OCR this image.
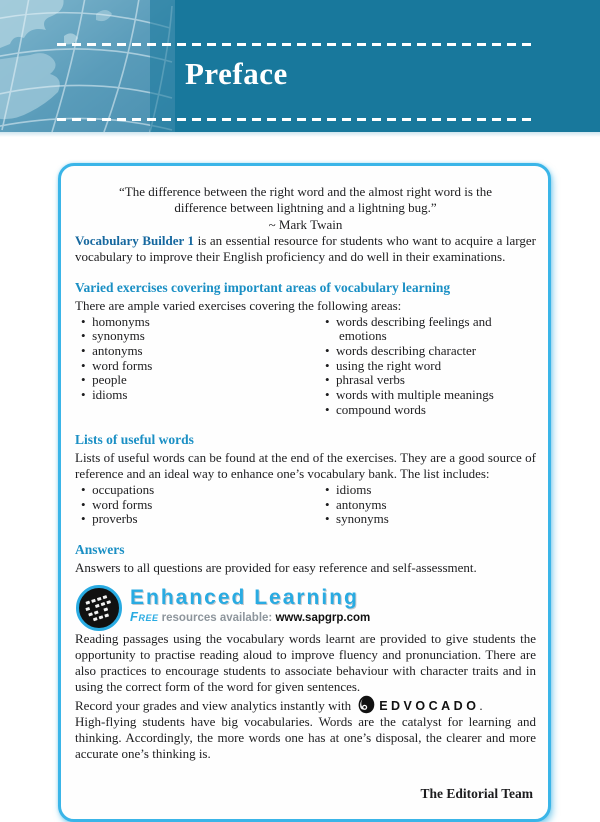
Preface

“The difference between the right word and the almost right word is the difference between lightning and a lightning bug.”

~ Mark Twain

Vocabulary Builder 1 is an essential resource for students who want to acquire a larger vocabulary to improve their English proficiency and do well in their examinations.

Varied exercises covering important areas of vocabulary learning

There are ample varied exercises covering the following areas:

•  homonyms
•  synonyms
•  antonyms
•  word forms
•  people
•  idioms
•  words describing feelings and emotions
•  words describing character
•  using the right word
•  phrasal verbs
•  words with multiple meanings
•  compound words

Lists of useful words

Lists of useful words can be found at the end of the exercises. They are a good source of reference and an ideal way to enhance one’s vocabulary bank. The list includes:

•  occupations
•  word forms
•  proverbs
•  idioms
•  antonyms
•  synonyms

Answers

Answers to all questions are provided for easy reference and self-assessment.

Enhanced Learning

Free resources available: www.sapgrp.com

Reading passages using the vocabulary words learnt are provided to give students the opportunity to practise reading aloud to improve fluency and pronunciation. There are also practices to encourage students to associate behaviour with character traits and in using the correct form of the word for given sentences.

Record your grades and view analytics instantly with EDVOCADO.

High-flying students have big vocabularies. Words are the catalyst for learning and thinking. Accordingly, the more words one has at one’s disposal, the clearer and more accurate one’s thinking is.

The Editorial Team
